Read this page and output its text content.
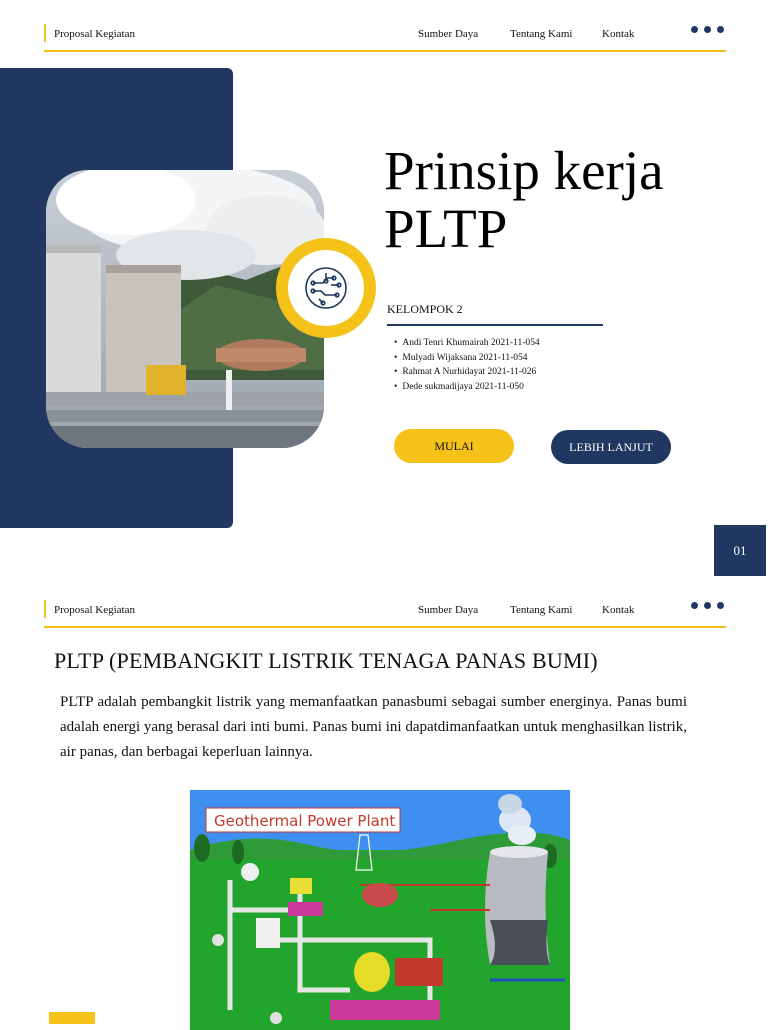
Proposal Kegiatan	Sumber Daya	Tentang Kami	Kontak
Prinsip kerja
PLTP
KELOMPOK 2
• Andi Tenri Khumairah 2021-11-054
• Mulyadi Wijaksana 2021-11-054
• Rahmat A Nurhidayat 2021-11-026
• Dede sukmadijaya 2021-11-050
MULAI	LEBIH LANJUT
01
Proposal Kegiatan	Sumber Daya	Tentang Kami	Kontak
PLTP (PEMBANGKIT LISTRIK TENAGA PANAS BUMI)

PLTP adalah pembangkit listrik yang memanfaatkan panasbumi sebagai sumber energinya. Panas bumi adalah energi yang berasal dari inti bumi. Panas bumi ini dapatdimanfaatkan untuk menghasilkan listrik, air panas, dan berbagai keperluan lainnya.

Geothermal Power Plant
